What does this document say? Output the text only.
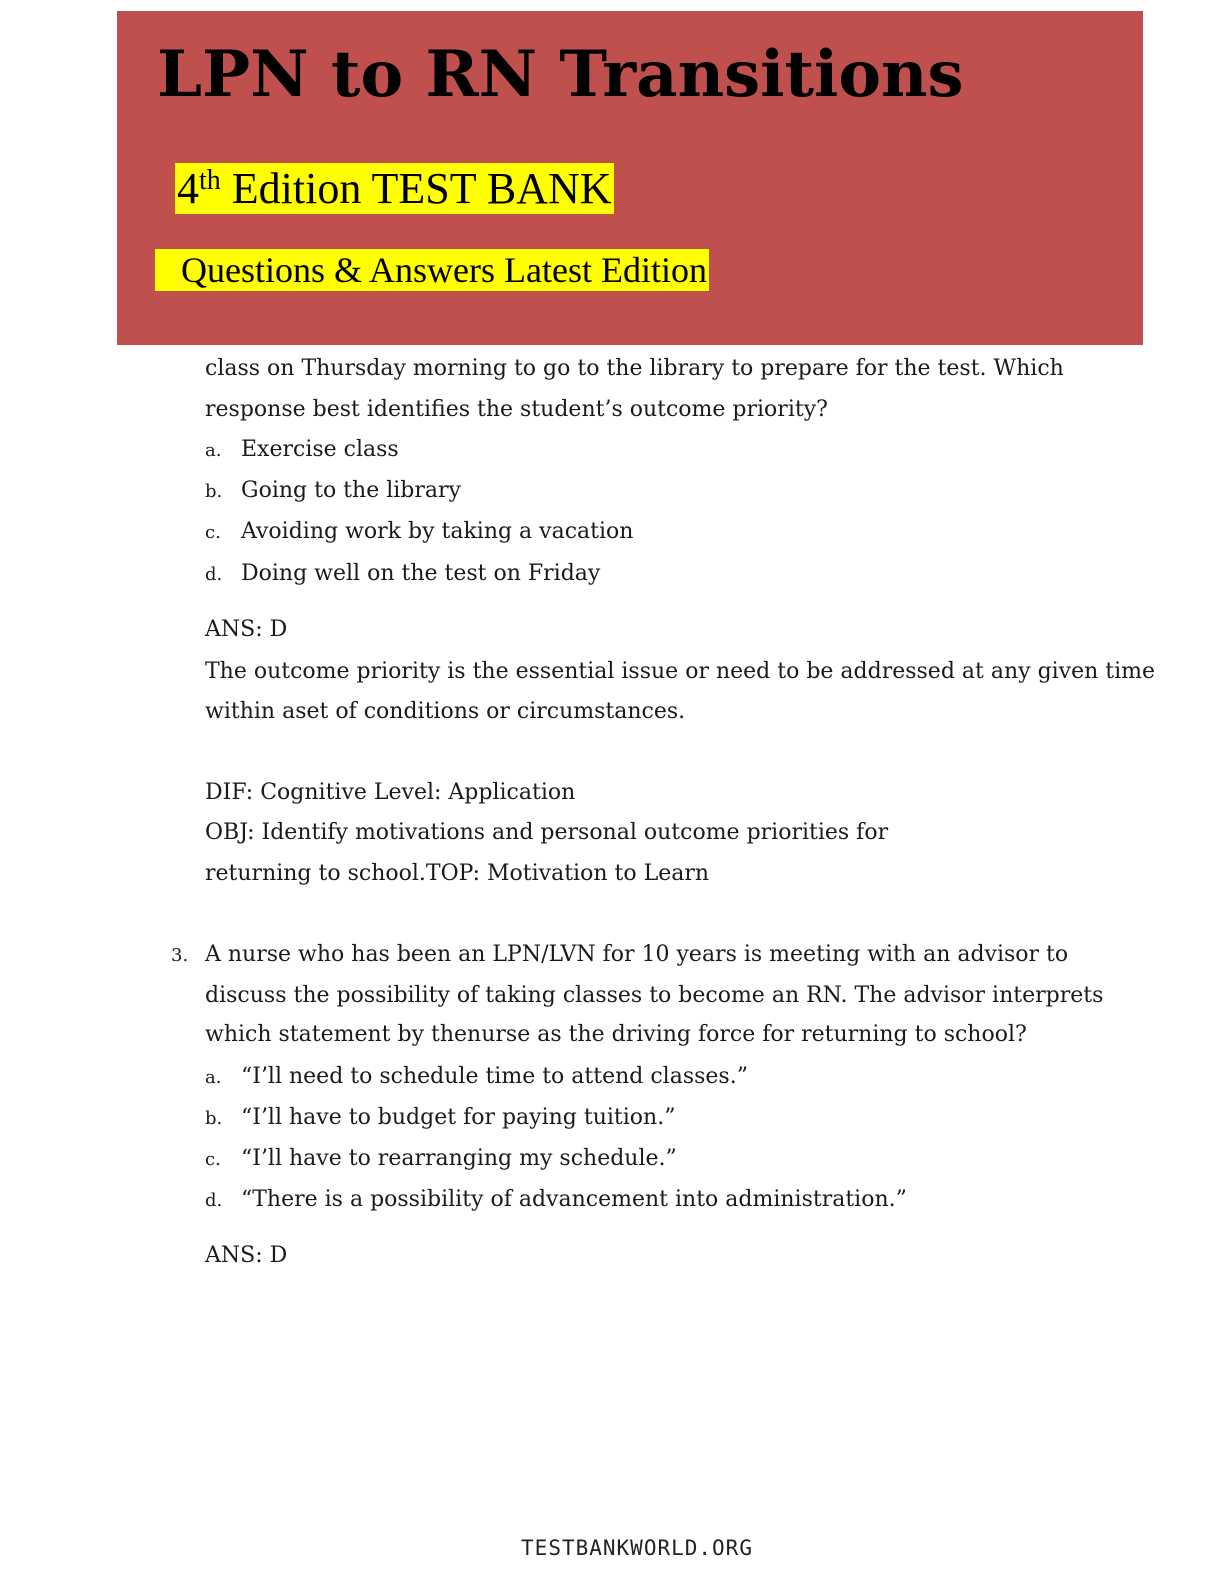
LPN to RN Transitions
4th Edition TEST BANK
Questions & Answers Latest Edition
class on Thursday morning to go to the library to prepare for the test. Which
response best identifies the student’s outcome priority?
a. Exercise class
b. Going to the library
c. Avoiding work by taking a vacation
d. Doing well on the test on Friday
ANS: D
The outcome priority is the essential issue or need to be addressed at any given time
within aset of conditions or circumstances.
DIF: Cognitive Level: Application
OBJ: Identify motivations and personal outcome priorities for
returning to school.TOP: Motivation to Learn
3. A nurse who has been an LPN/LVN for 10 years is meeting with an advisor to
discuss the possibility of taking classes to become an RN. The advisor interprets
which statement by thenurse as the driving force for returning to school?
a. “I’ll need to schedule time to attend classes.”
b. “I’ll have to budget for paying tuition.”
c. “I’ll have to rearranging my schedule.”
d. “There is a possibility of advancement into administration.”
ANS: D
TESTBANKWORLD.ORG
